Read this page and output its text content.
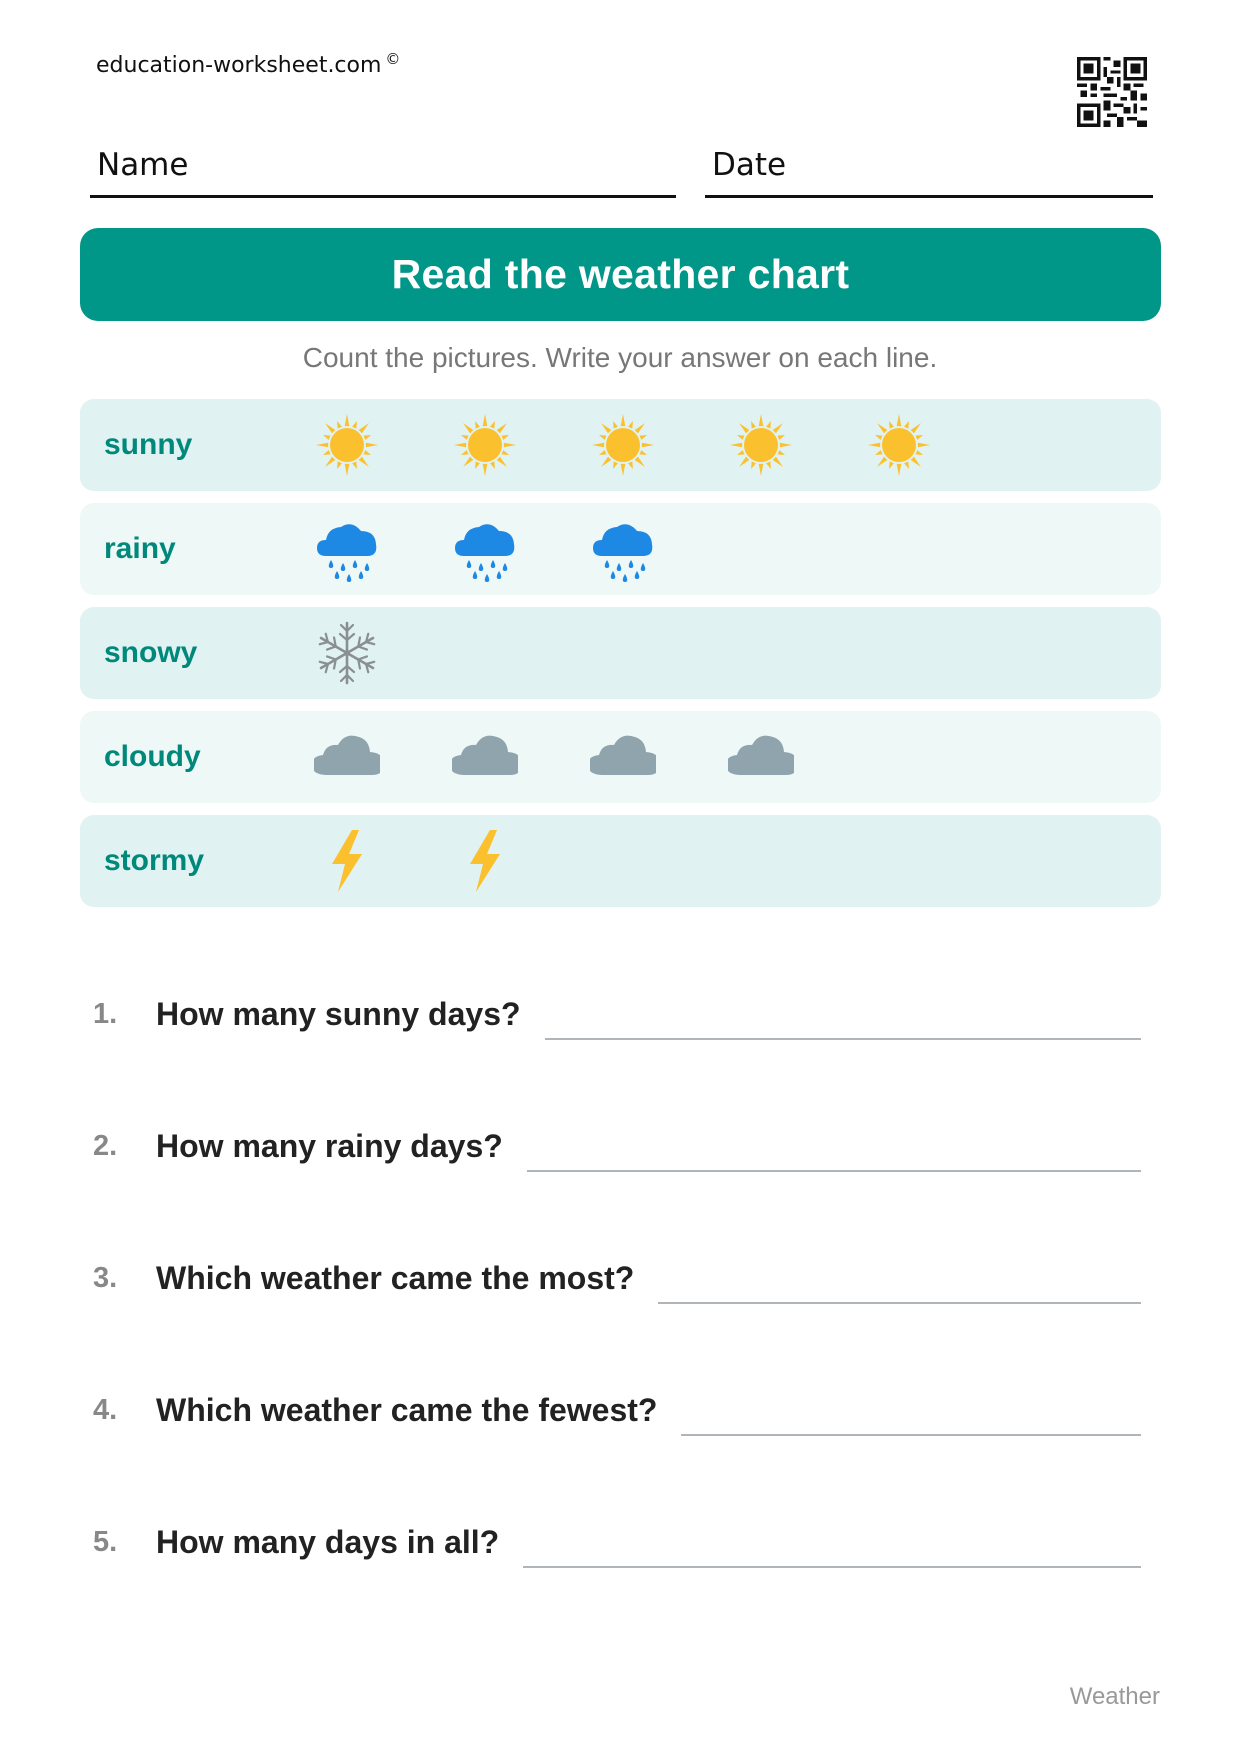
education-worksheet.com ©
Name	Date
Read the weather chart
Count the pictures. Write your answer on each line.
sunny
rainy
snowy
cloudy
stormy
1. How many sunny days?
2. How many rainy days?
3. Which weather came the most?
4. Which weather came the fewest?
5. How many days in all?
Weather
